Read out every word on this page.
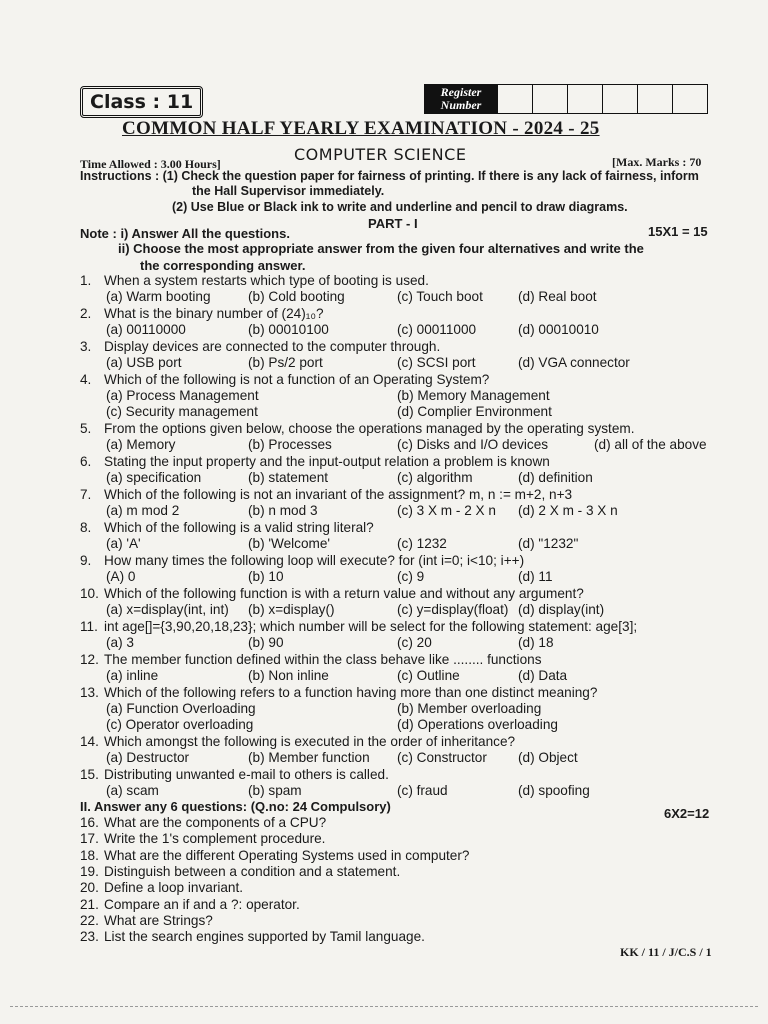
Class : 11	Register
Number
COMMON HALF YEARLY EXAMINATION - 2024 - 25
COMPUTER SCIENCE
Time Allowed : 3.00 Hours]	[Max. Marks : 70
Instructions : (1) Check the question paper for fairness of printing. If there is any lack of fairness, inform
the Hall Supervisor immediately.
(2) Use Blue or Black ink to write and underline and pencil to draw diagrams.
PART - I
Note : i) Answer All the questions.	15X1 = 15
ii) Choose the most appropriate answer from the given four alternatives and write the
the corresponding answer.
1. When a system restarts which type of booting is used.
(a) Warm booting	(b) Cold booting	(c) Touch boot	(d) Real boot
2. What is the binary number of (24)₁₀?
(a) 00110000	(b) 00010100	(c) 00011000	(d) 00010010
3. Display devices are connected to the computer through.
(a) USB port	(b) Ps/2 port	(c) SCSI port	(d) VGA connector
4. Which of the following is not a function of an Operating System?
(a) Process Management	(b) Memory Management
(c) Security management	(d) Complier Environment
5. From the options given below, choose the operations managed by the operating system.
(a) Memory	(b) Processes	(c) Disks and I/O devices	(d) all of the above
6. Stating the input property and the input-output relation a problem is known
(a) specification	(b) statement	(c) algorithm	(d) definition
7. Which of the following is not an invariant of the assignment? m, n := m+2, n+3
(a) m mod 2	(b) n mod 3	(c) 3 X m - 2 X n (d) 2 X m - 3 X n
8. Which of the following is a valid string literal?
(a) 'A'	(b) 'Welcome'	(c) 1232	(d) "1232"
9. How many times the following loop will execute? for (int i=0; i<10; i++)
(A) 0	(b) 10	(c) 9	(d) 11
10. Which of the following function is with a return value and without any argument?
(a) x=display(int, int) (b) x=display()	(c) y=display(float) (d) display(int)
11. int age[]={3,90,20,18,23}; which number will be select for the following statement: age[3];
(a) 3	(b) 90	(c) 20	(d) 18
12. The member function defined within the class behave like ........ functions
(a) inline	(b) Non inline	(c) Outline	(d) Data
13. Which of the following refers to a function having more than one distinct meaning?
(a) Function Overloading	(b) Member overloading
(c) Operator overloading	(d) Operations overloading
14. Which amongst the following is executed in the order of inheritance?
(a) Destructor	(b) Member function (c) Constructor (d) Object
15. Distributing unwanted e-mail to others is called.
(a) scam	(b) spam	(c) fraud	(d) spoofing
II. Answer any 6 questions: (Q.no: 24 Compulsory)	6X2=12
16. What are the components of a CPU?
17. Write the 1's complement procedure.
18. What are the different Operating Systems used in computer?
19. Distinguish between a condition and a statement.
20. Define a loop invariant.
21. Compare an if and a ?: operator.
22. What are Strings?
23. List the search engines supported by Tamil language.
KK / 11 / J/C.S / 1
